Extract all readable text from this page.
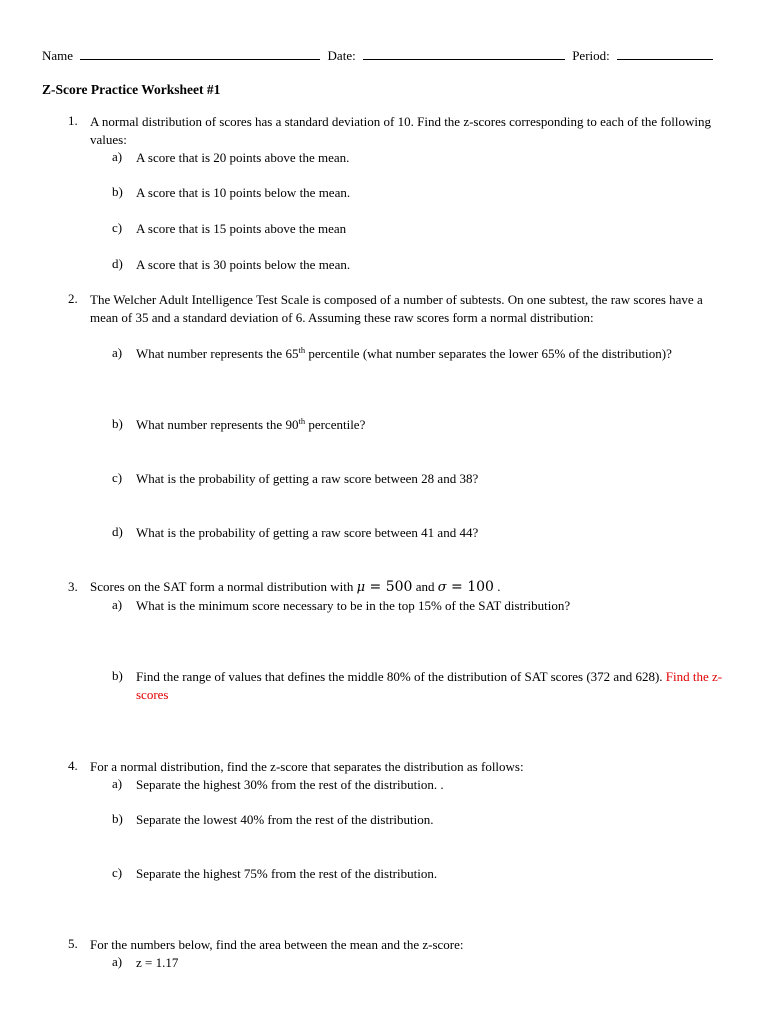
Name	Date:	Period:
Z-Score Practice Worksheet #1
1. A normal distribution of scores has a standard deviation of 10. Find the z-scores corresponding to each of the following values:
a) A score that is 20 points above the mean.
b) A score that is 10 points below the mean.
c) A score that is 15 points above the mean
d) A score that is 30 points below the mean.
2. The Welcher Adult Intelligence Test Scale is composed of a number of subtests. On one subtest, the raw scores have a mean of 35 and a standard deviation of 6. Assuming these raw scores form a normal distribution:
a) What number represents the 65th percentile (what number separates the lower 65% of the distribution)?
b) What number represents the 90th percentile?
c) What is the probability of getting a raw score between 28 and 38?
d) What is the probability of getting a raw score between 41 and 44?
3. Scores on the SAT form a normal distribution with μ = 500 and σ = 100 .
a) What is the minimum score necessary to be in the top 15% of the SAT distribution?
b) Find the range of values that defines the middle 80% of the distribution of SAT scores (372 and 628). Find the z-scores
4. For a normal distribution, find the z-score that separates the distribution as follows:
a) Separate the highest 30% from the rest of the distribution. .
b) Separate the lowest 40% from the rest of the distribution.
c) Separate the highest 75% from the rest of the distribution.
5. For the numbers below, find the area between the mean and the z-score:
a) z = 1.17
